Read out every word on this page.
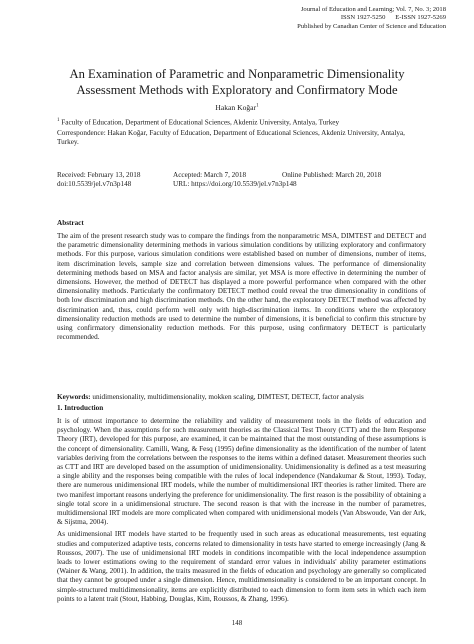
Journal of Education and Learning; Vol. 7, No. 3; 2018
ISSN 1927-5250      E-ISSN 1927-5269
Published by Canadian Center of Science and Education
An Examination of Parametric and Nonparametric Dimensionality Assessment Methods with Exploratory and Confirmatory Mode
Hakan Koğar$^1$
$^1$ Faculty of Education, Department of Educational Sciences, Akdeniz University, Antalya, Turkey
Correspondence: Hakan Koğar, Faculty of Education, Department of Educational Sciences, Akdeniz University, Antalya, Turkey.
Received: February 13, 2018	Accepted: March 7, 2018	Online Published: March 20, 2018
doi:10.5539/jel.v7n3p148	URL: https://doi.org/10.5539/jel.v7n3p148
Abstract
The aim of the present research study was to compare the findings from the nonparametric MSA, DIMTEST and DETECT and the parametric dimensionality determining methods in various simulation conditions by utilizing exploratory and confirmatory methods. For this purpose, various simulation conditions were established based on number of dimensions, number of items, item discrimination levels, sample size and correlation between dimensions values. The performance of dimensionality determining methods based on MSA and factor analysis are similar, yet MSA is more effective in determining the number of dimensions. However, the method of DETECT has displayed a more powerful performance when compared with the other dimensionality methods. Particularly the confirmatory DETECT method could reveal the true dimensionality in conditions of both low discrimination and high discrimination methods. On the other hand, the exploratory DETECT method was affected by discrimination and, thus, could perform well only with high-discrimination items. In conditions where the exploratory dimensionality reduction methods are used to determine the number of dimensions, it is beneficial to confirm this structure by using confirmatory dimensionality reduction methods. For this purpose, using confirmatory DETECT is particularly recommended.
Keywords: unidimensionality, multidimensionality, mokken scaling, DIMTEST, DETECT, factor analysis
1. Introduction

It is of utmost importance to determine the reliability and validity of measurement tools in the fields of education and psychology. When the assumptions for such measurement theories as the Classical Test Theory (CTT) and the Item Response Theory (IRT), developed for this purpose, are examined, it can be maintained that the most outstanding of these assumptions is the concept of dimensionality. Camilli, Wang, & Fesq (1995) define dimensionality as the identification of the number of latent variables deriving from the correlations between the responses to the items within a defined dataset. Measurement theories such as CTT and IRT are developed based on the assumption of unidimensionality. Unidimensionality is defined as a test measuring a single ability and the responses being compatible with the rules of local independence (Nandakumar & Stout, 1993). Today, there are numerous unidimensional IRT models, while the number of multidimensional IRT theories is rather limited. There are two manifest important reasons underlying the preference for unidimensionality. The first reason is the possibility of obtaining a single total score in a unidimensional structure. The second reason is that with the increase in the number of parametres, multidimensional IRT models are more complicated when compared with unidimensional models (Van Abswoude, Van der Ark, & Sijstma, 2004).

As unidimensional IRT models have started to be frequently used in such areas as educational measurements, test equating studies and computerized adaptive tests, concerns related to dimensionality in tests have started to emerge increasingly (Jang & Roussos, 2007). The use of unidimensional IRT models in conditions incompatible with the local independence assumption leads to lower estimations owing to the requirement of standard error values in individuals' ability parameter estimations (Wainer & Wang, 2001). In addition, the traits measured in the fields of education and psychology are generally so complicated that they cannot be grouped under a single dimension. Hence, multidimensionality is considered to be an important concept. In simple-structured multidimensionality, items are explicitly distributed to each dimension to form item sets in which each item points to a latent trait (Stout, Habbing, Douglas, Kim, Roussos, & Zhang, 1996).

148
